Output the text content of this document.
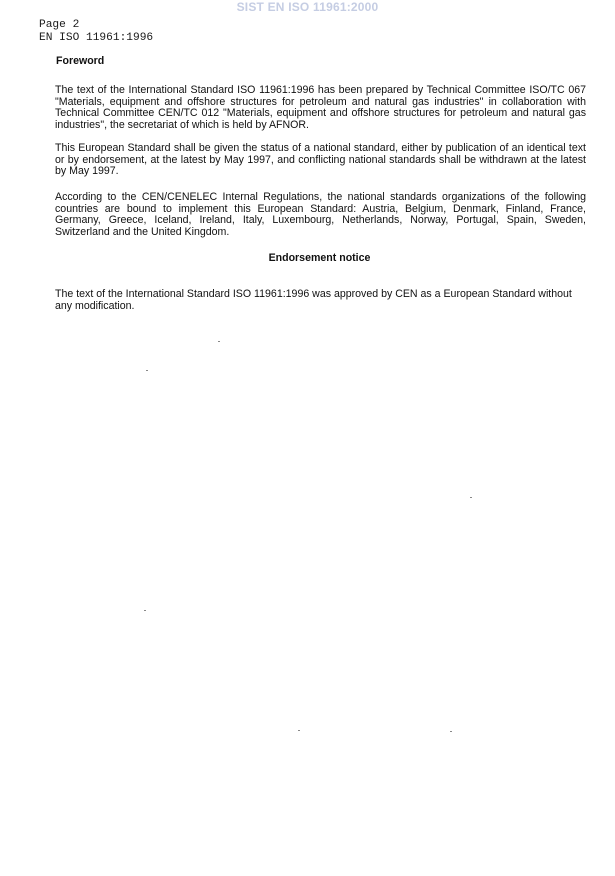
SIST EN ISO 11961:2000
Page 2
EN ISO 11961:1996
Foreword
The text of the International Standard ISO 11961:1996 has been prepared by Technical Committee ISO/TC 067 "Materials, equipment and offshore structures for petroleum and natural gas industries" in collaboration with Technical Committee CEN/TC 012 "Materials, equipment and offshore structures for petroleum and natural gas industries", the secretariat of which is held by AFNOR.
This European Standard shall be given the status of a national standard, either by publication of an identical text or by endorsement, at the latest by May 1997, and conflicting national standards shall be withdrawn at the latest by May 1997.
According to the CEN/CENELEC Internal Regulations, the national standards organizations of the following countries are bound to implement this European Standard: Austria, Belgium, Denmark, Finland, France, Germany, Greece, Iceland, Ireland, Italy, Luxembourg, Netherlands, Norway, Portugal, Spain, Sweden, Switzerland and the United Kingdom.
Endorsement notice
The text of the International Standard ISO 11961:1996 was approved by CEN as a European Standard without any modification.
